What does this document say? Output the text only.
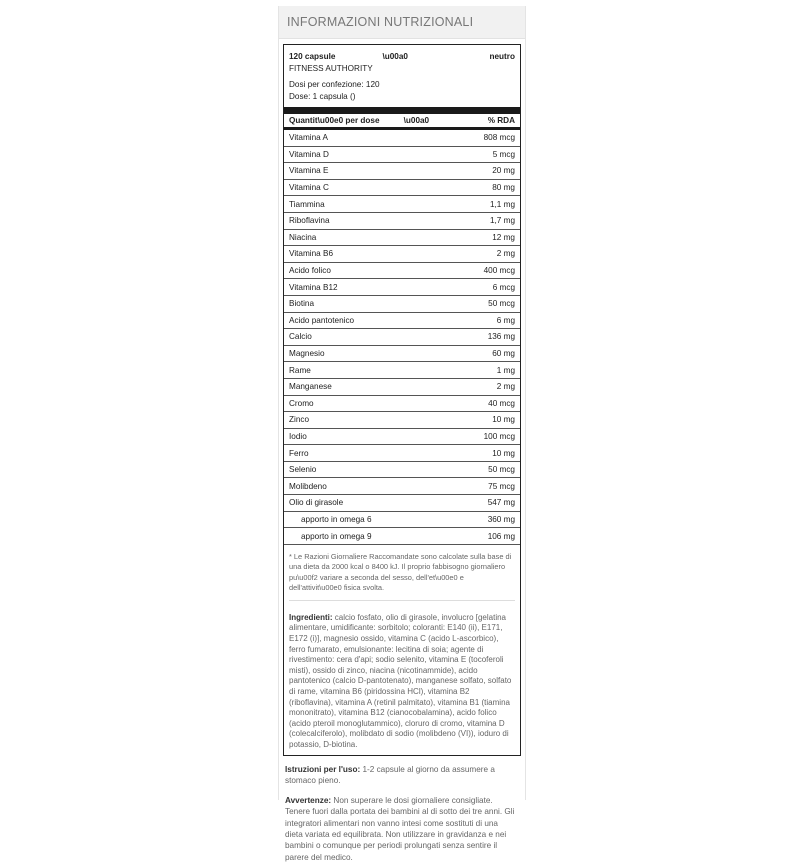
INFORMAZIONI NUTRIZIONALI
120 capsule	\u00a0	neutro
FITNESS AUTHORITY
Dosi per confezione: 120
Dose: 1 capsula ()
Quantit\u00e0 per dose	\u00a0	% RDA
Vitamina A	808 mcg
Vitamina D	5 mcg
Vitamina E	20 mg
Vitamina C	80 mg
Tiammina	1,1 mg
Riboflavina	1,7 mg
Niacina	12 mg
Vitamina B6	2 mg
Acido folico	400 mcg
Vitamina B12	6 mcg
Biotina	50 mcg
Acido pantotenico	6 mg
Calcio	136 mg
Magnesio	60 mg
Rame	1 mg
Manganese	2 mg
Cromo	40 mcg
Zinco	10 mg
Iodio	100 mcg
Ferro	10 mg
Selenio	50 mcg
Molibdeno	75 mcg
Olio di girasole	547 mg
apporto in omega 6	360 mg
apporto in omega 9	106 mg
* Le Razioni Giornaliere Raccomandate sono calcolate sulla base di una dieta da 2000 kcal o 8400 kJ. Il proprio fabbisogno giornaliero pu\u00f2 variare a seconda del sesso, dell'et\u00e0 e dell'attivit\u00e0 fisica svolta.
Ingredienti: calcio fosfato, olio di girasole, involucro [gelatina alimentare, umidificante: sorbitolo; coloranti: E140 (ii), E171, E172 (i)], magnesio ossido, vitamina C (acido L-ascorbico), ferro fumarato, emulsionante: lecitina di soia; agente di rivestimento: cera d'api; sodio selenito, vitamina E (tocoferoli misti), ossido di zinco, niacina (nicotinammide), acido pantotenico (calcio D-pantotenato), manganese solfato, solfato di rame, vitamina B6 (piridossina HCl), vitamina B2 (riboflavina), vitamina A (retinil palmitato), vitamina B1 (tiamina mononitrato), vitamina B12 (cianocobalamina), acido folico (acido pteroil monoglutammico), cloruro di cromo, vitamina D (colecalciferolo), molibdato di sodio (molibdeno (VI)), ioduro di potassio, D-biotina.
Istruzioni per l'uso: 1-2 capsule al giorno da assumere a stomaco pieno.
Avvertenze: Non superare le dosi giornaliere consigliate. Tenere fuori dalla portata dei bambini al di sotto dei tre anni. Gli integratori alimentari non vanno intesi come sostituti di una dieta variata ed equilibrata. Non utilizzare in gravidanza e nei bambini o comunque per periodi prolungati senza sentire il parere del medico.
